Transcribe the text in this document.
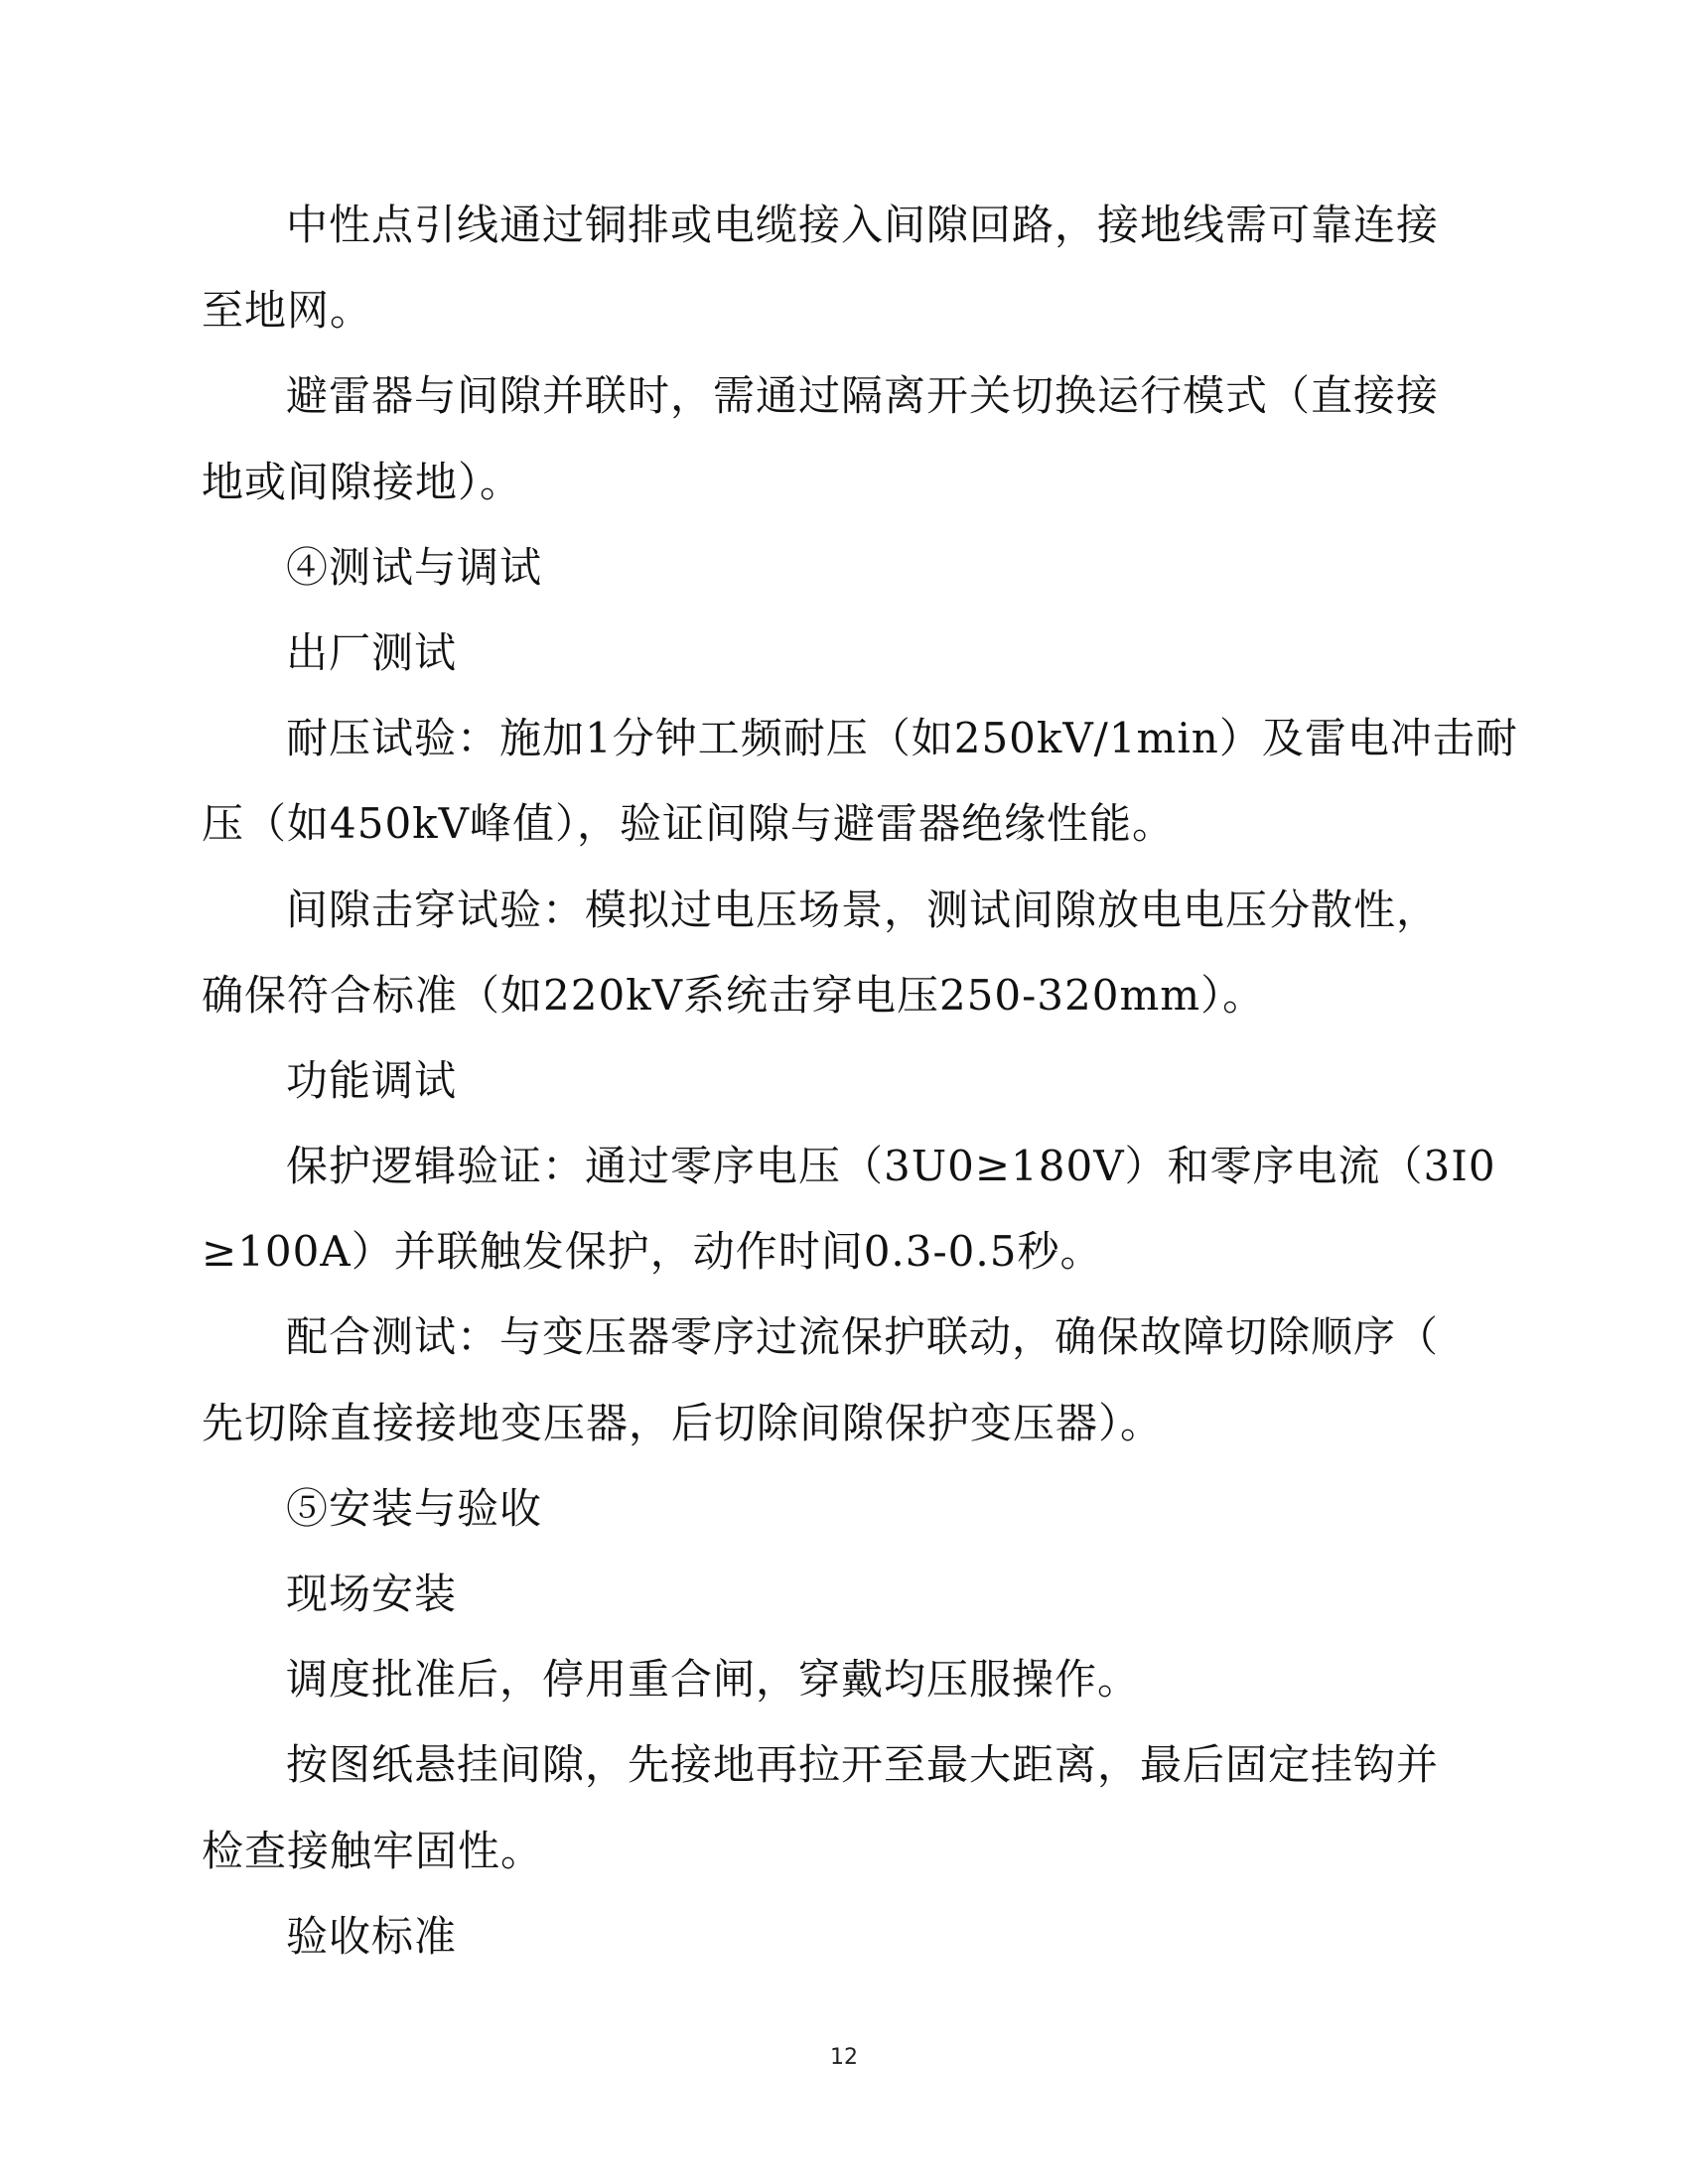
中性点引线通过铜排或电缆接入间隙回路，接地线需可靠连接
至地网。
避雷器与间隙并联时，需通过隔离开关切换运行模式（直接接
地或间隙接地）。
④测试与调试
出厂测试
耐压试验：施加1分钟工频耐压（如250kV/1min）及雷电冲击耐
压（如450kV峰值），验证间隙与避雷器绝缘性能。
间隙击穿试验：模拟过电压场景，测试间隙放电电压分散性，
确保符合标准（如220kV系统击穿电压250-320mm）。
功能调试
保护逻辑验证：通过零序电压（3U0≥180V）和零序电流（3I0
≥100A）并联触发保护，动作时间0.3-0.5秒。
配合测试：与变压器零序过流保护联动，确保故障切除顺序（
先切除直接接地变压器，后切除间隙保护变压器）。
⑤安装与验收
现场安装
调度批准后，停用重合闸，穿戴均压服操作。
按图纸悬挂间隙，先接地再拉开至最大距离，最后固定挂钩并
检查接触牢固性。
验收标准
12
